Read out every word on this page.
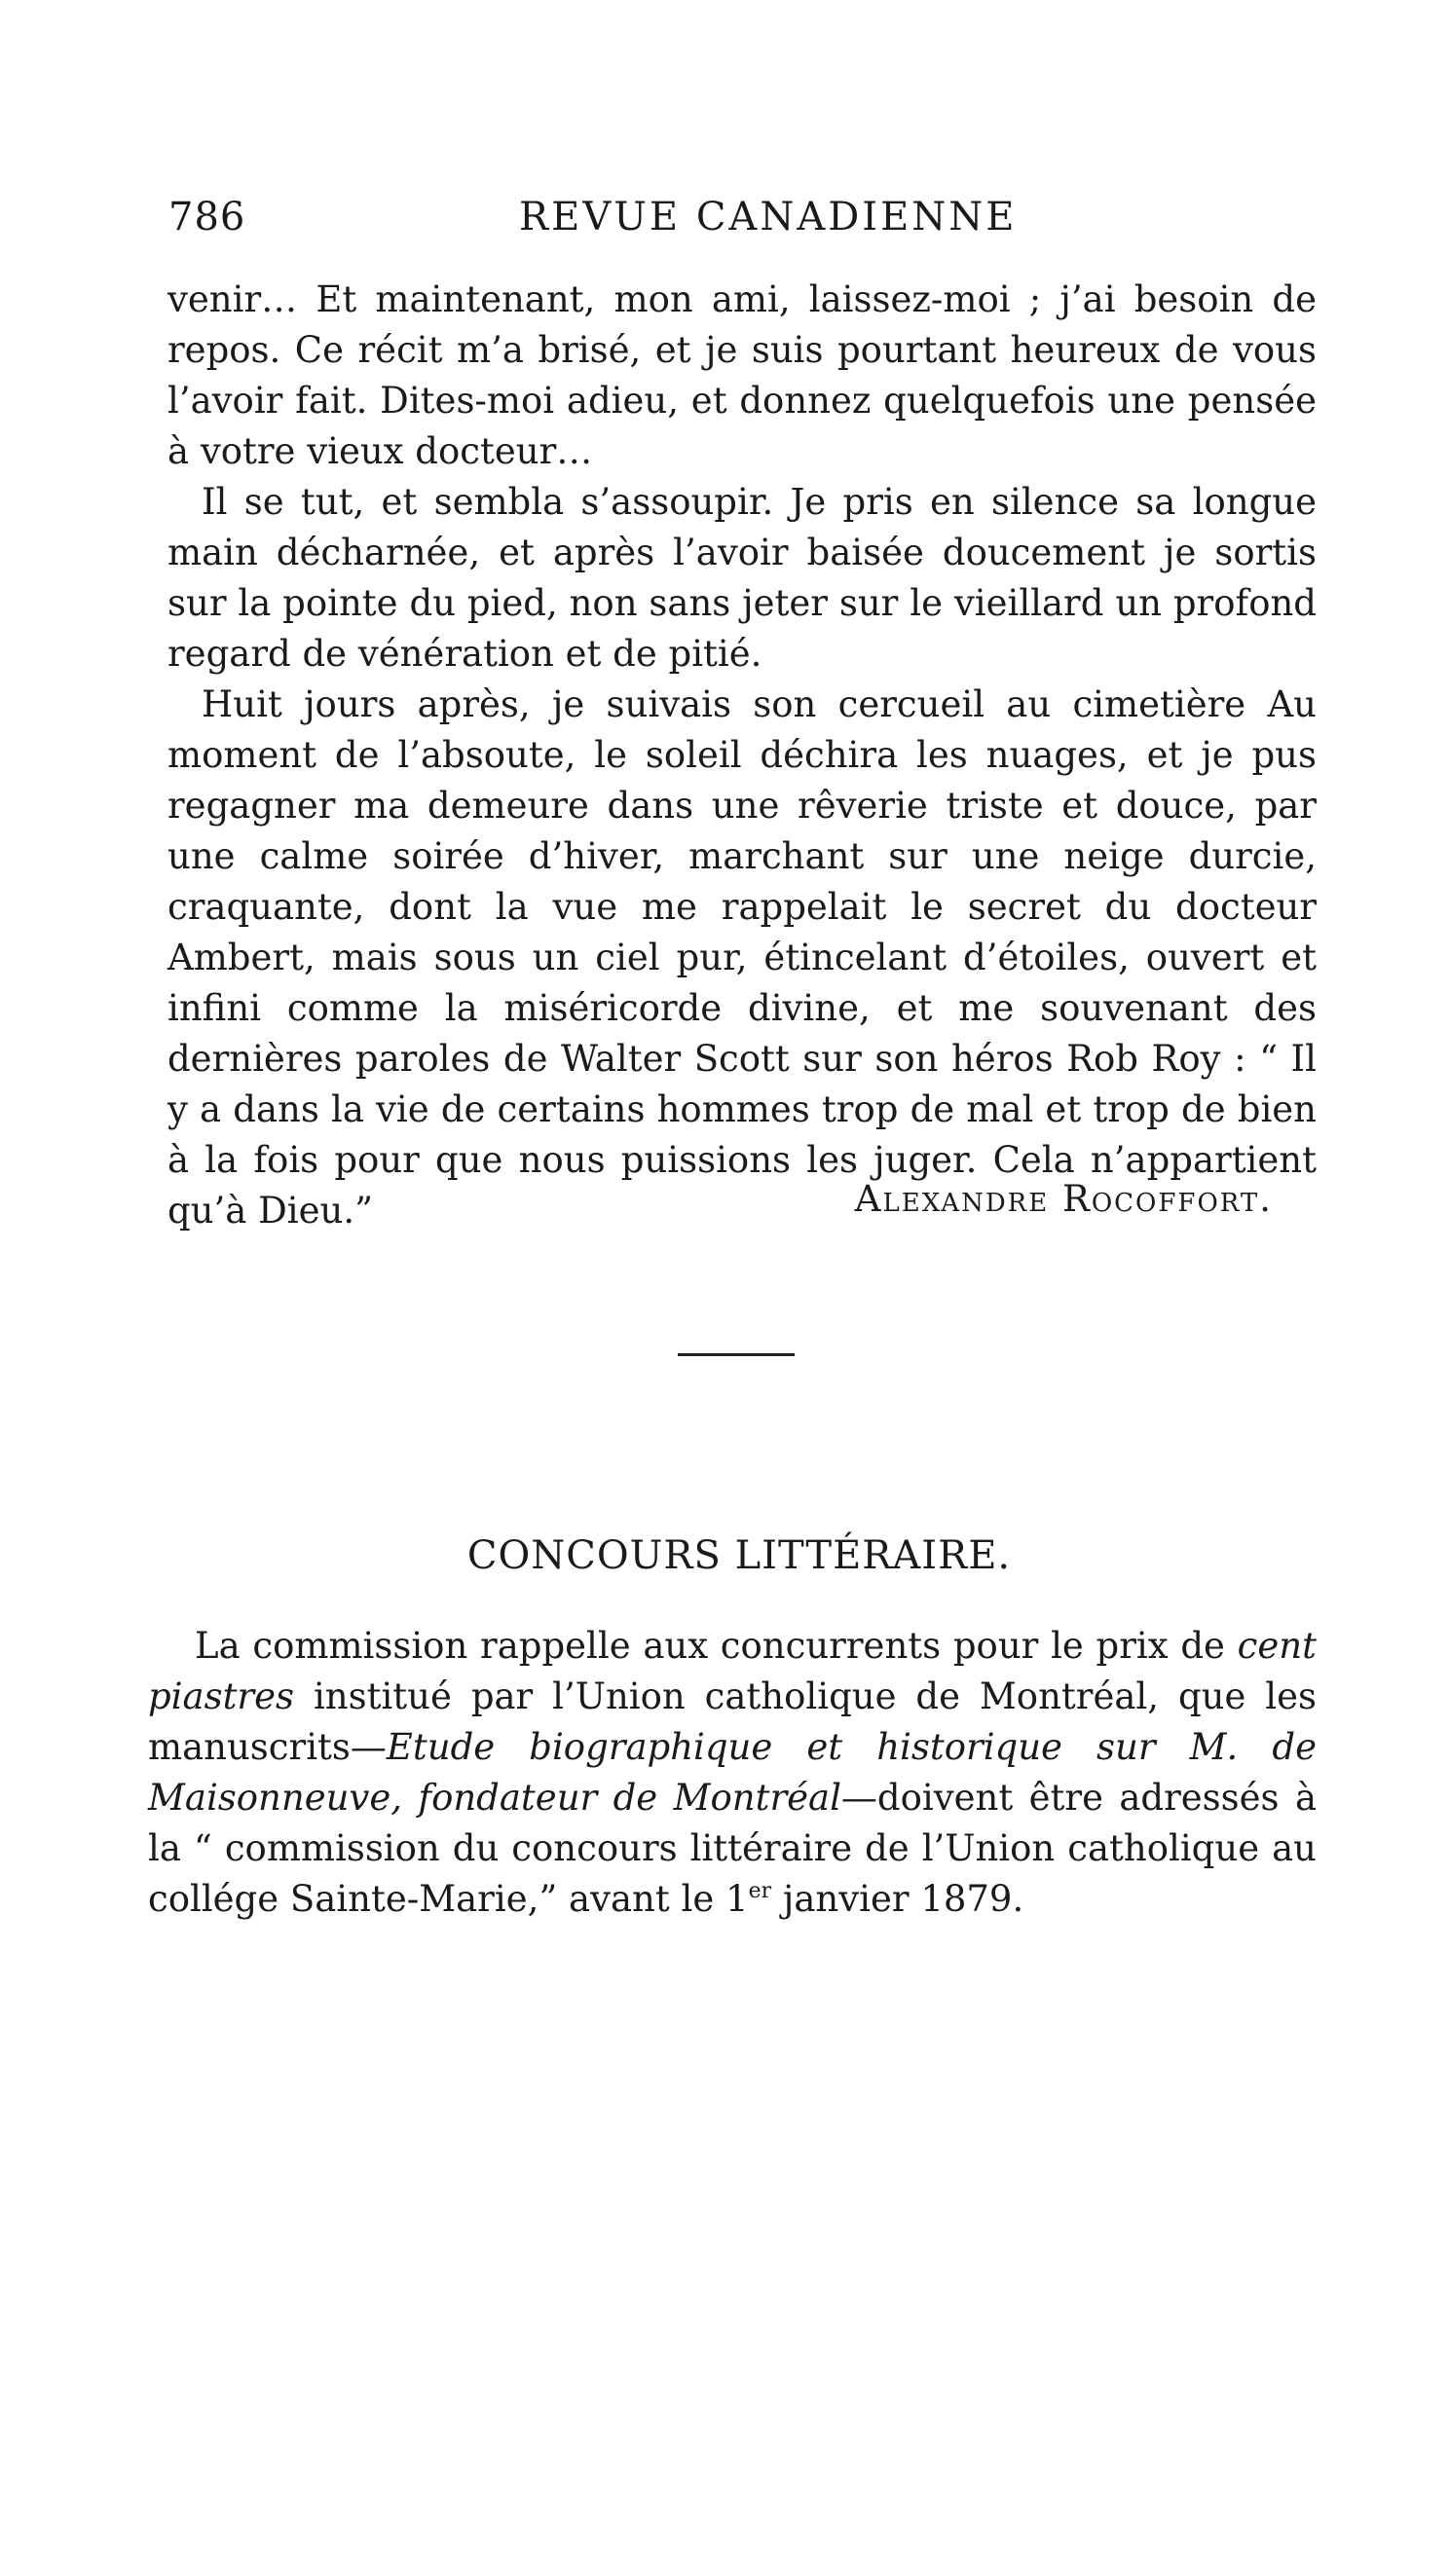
786	REVUE CANADIENNE

venir… Et maintenant, mon ami, laissez-moi ; j’ai besoin de repos. Ce récit m’a brisé, et je suis pourtant heureux de vous l’avoir fait. Dites-moi adieu, et donnez quelquefois une pensée à votre vieux docteur…

Il se tut, et sembla s’assoupir. Je pris en silence sa longue main décharnée, et après l’avoir baisée doucement je sortis sur la pointe du pied, non sans jeter sur le vieillard un profond regard de vénération et de pitié.

Huit jours après, je suivais son cercueil au cimetière Au moment de l’absoute, le soleil déchira les nuages, et je pus regagner ma demeure dans une rêverie triste et douce, par une calme soirée d’hiver, marchant sur une neige durcie, craquante, dont la vue me rappelait le secret du docteur Ambert, mais sous un ciel pur, étincelant d’étoiles, ouvert et infini comme la miséricorde divine, et me souvenant des dernières paroles de Walter Scott sur son héros Rob Roy : “ Il y a dans la vie de certains hommes trop de mal et trop de bien à la fois pour que nous puissions les juger. Cela n’appartient qu’à Dieu.”	Alexandre Rocoffort.
CONCOURS LITTÉRAIRE.

La commission rappelle aux concurrents pour le prix de cent piastres institué par l’Union catholique de Montréal, que les manuscrits—Etude biographique et historique sur M. de Maisonneuve, fondateur de Montréal—doivent être adressés à la “ commission du concours littéraire de l’Union catholique au collége Sainte-Marie,” avant le 1er janvier 1879.
